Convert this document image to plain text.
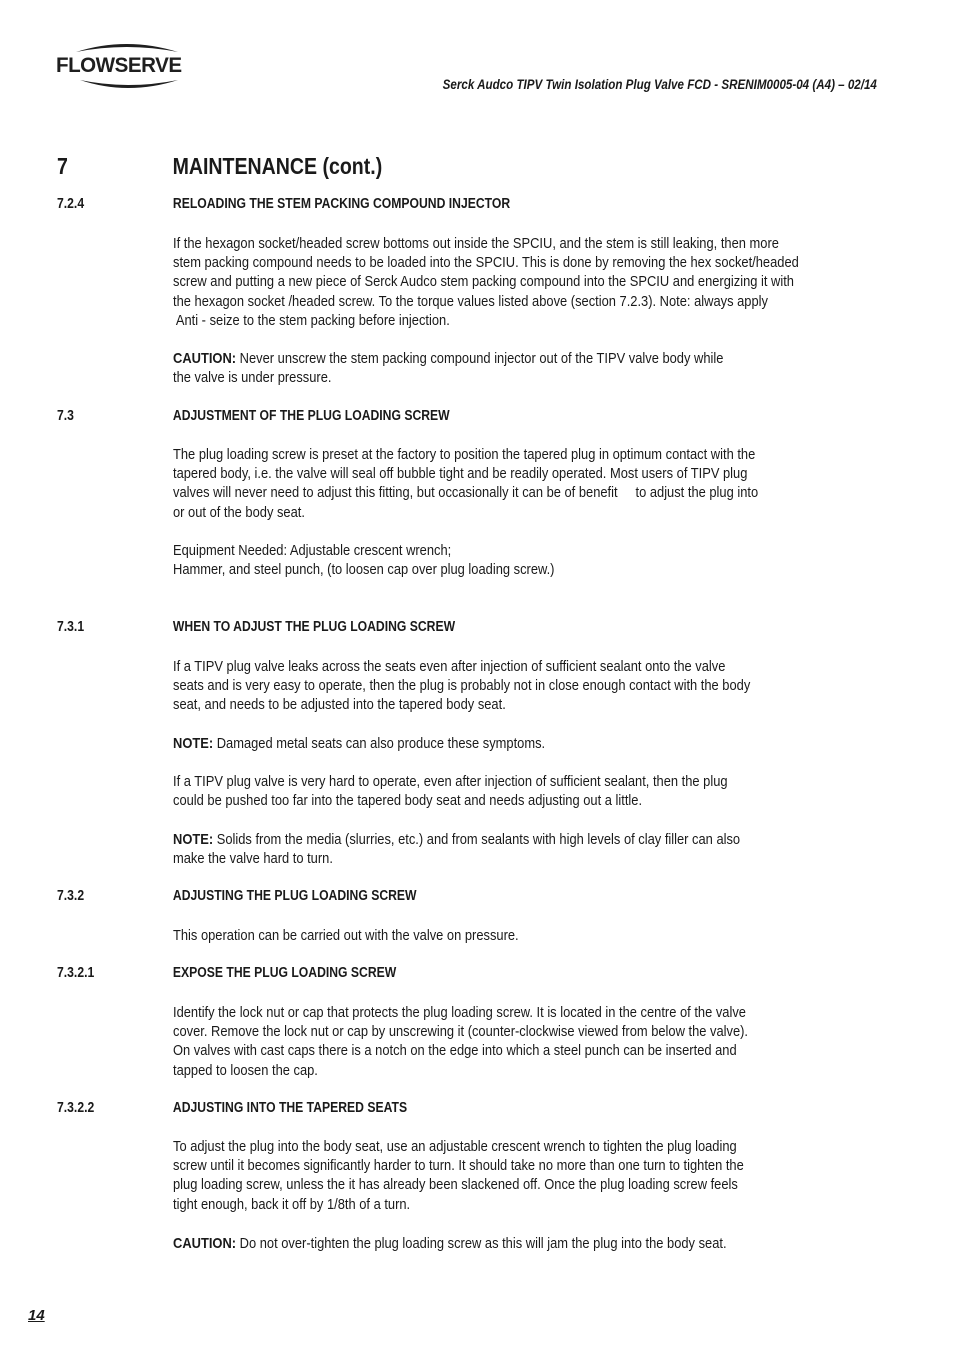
FLOWSERVE
Serck Audco TIPV Twin Isolation Plug Valve FCD - SRENIM0005-04 (A4) – 02/14
7	MAINTENANCE (cont.)
7.2.4	RELOADING THE STEM PACKING COMPOUND INJECTOR
If the hexagon socket/headed screw bottoms out inside the SPCIU, and the stem is still leaking, then more
stem packing compound needs to be loaded into the SPCIU. This is done by removing the hex socket/headed
screw and putting a new piece of Serck Audco stem packing compound into the SPCIU and energizing it with
the hexagon socket /headed screw. To the torque values listed above (section 7.2.3). Note: always apply
Anti - seize to the stem packing before injection.
CAUTION: Never unscrew the stem packing compound injector out of the TIPV valve body while
the valve is under pressure.
7.3	ADJUSTMENT OF THE PLUG LOADING SCREW
The plug loading screw is preset at the factory to position the tapered plug in optimum contact with the
tapered body, i.e. the valve will seal off bubble tight and be readily operated. Most users of TIPV plug
valves will never need to adjust this fitting, but occasionally it can be of benefit     to adjust the plug into
or out of the body seat.
Equipment Needed: Adjustable crescent wrench;
Hammer, and steel punch, (to loosen cap over plug loading screw.)
7.3.1	WHEN TO ADJUST THE PLUG LOADING SCREW
If a TIPV plug valve leaks across the seats even after injection of sufficient sealant onto the valve
seats and is very easy to operate, then the plug is probably not in close enough contact with the body
seat, and needs to be adjusted into the tapered body seat.
NOTE: Damaged metal seats can also produce these symptoms.
If a TIPV plug valve is very hard to operate, even after injection of sufficient sealant, then the plug
could be pushed too far into the tapered body seat and needs adjusting out a little.
NOTE: Solids from the media (slurries, etc.) and from sealants with high levels of clay filler can also
make the valve hard to turn.
7.3.2	ADJUSTING THE PLUG LOADING SCREW
This operation can be carried out with the valve on pressure.
7.3.2.1	EXPOSE THE PLUG LOADING SCREW
Identify the lock nut or cap that protects the plug loading screw. It is located in the centre of the valve
cover. Remove the lock nut or cap by unscrewing it (counter-clockwise viewed from below the valve).
On valves with cast caps there is a notch on the edge into which a steel punch can be inserted and
tapped to loosen the cap.
7.3.2.2	ADJUSTING INTO THE TAPERED SEATS
To adjust the plug into the body seat, use an adjustable crescent wrench to tighten the plug loading
screw until it becomes significantly harder to turn. It should take no more than one turn to tighten the
plug loading screw, unless the it has already been slackened off. Once the plug loading screw feels
tight enough, back it off by 1/8th of a turn.
CAUTION: Do not over-tighten the plug loading screw as this will jam the plug into the body seat.
14
